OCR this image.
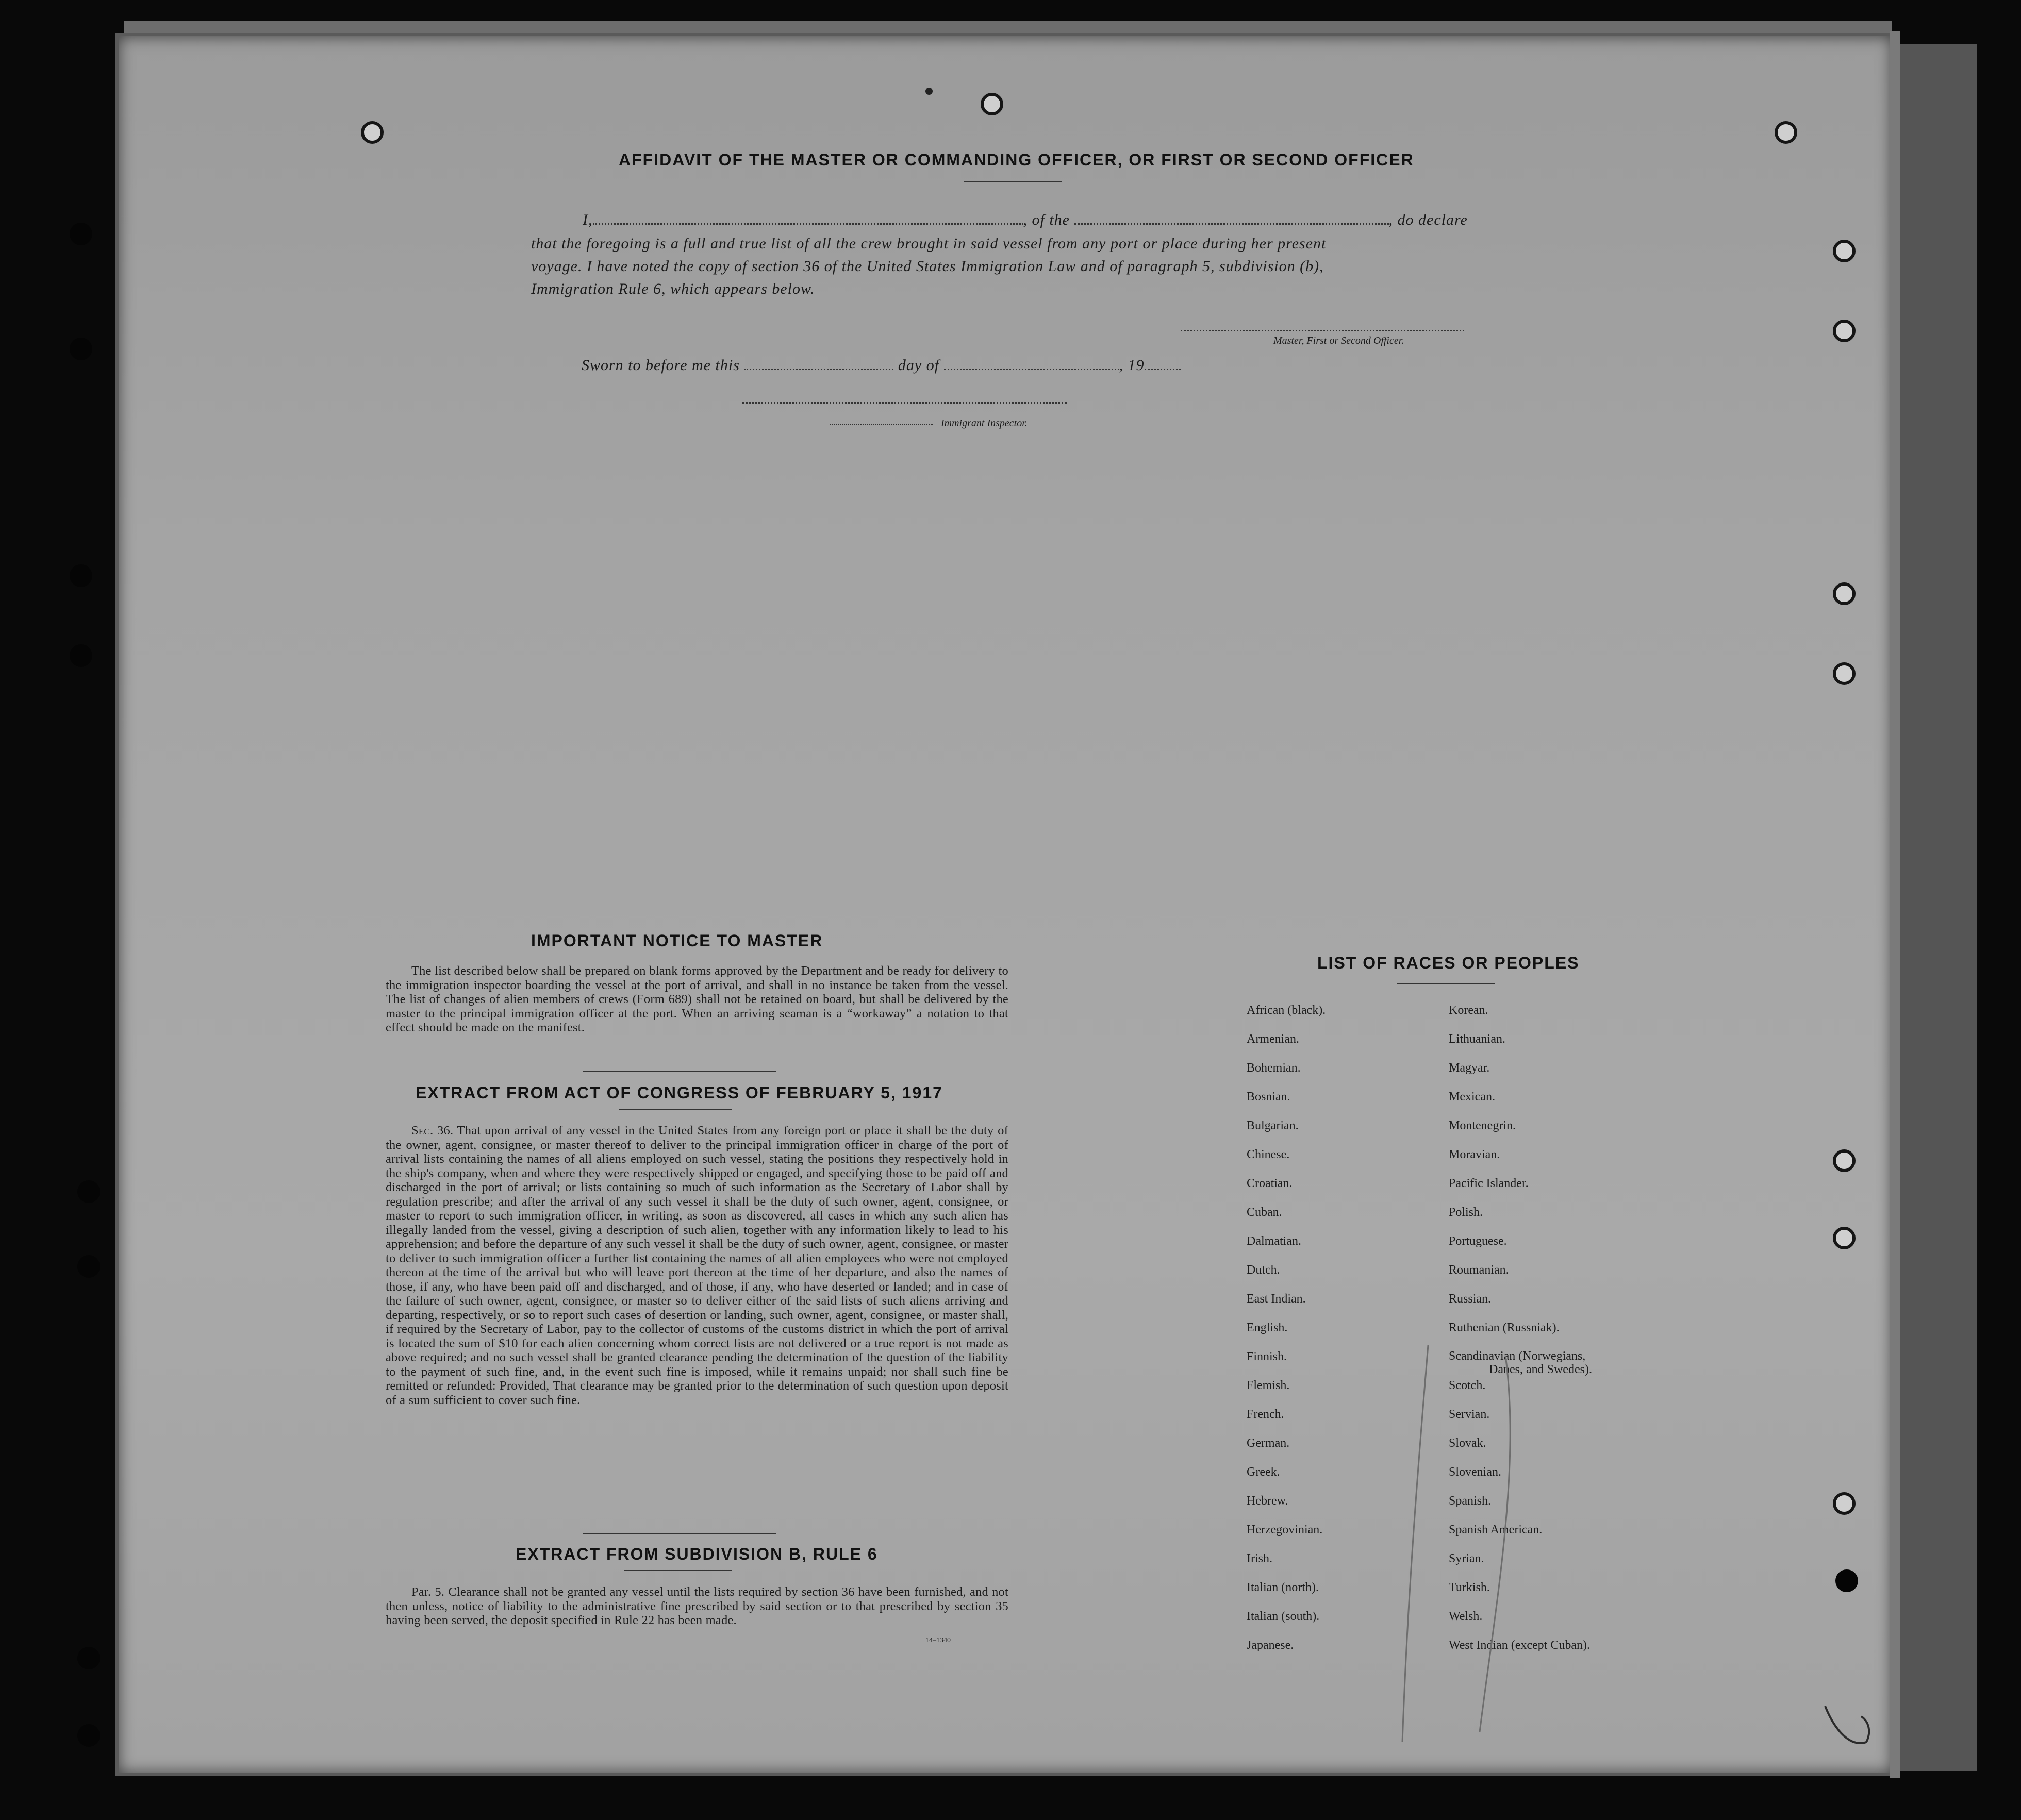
AFFIDAVIT OF THE MASTER OR COMMANDING OFFICER, OR FIRST OR SECOND OFFICER
I,	, of the	, do declare
that the foregoing is a full and true list of all the crew brought in said vessel from any port or place during her present
voyage. I have noted the copy of section 36 of the United States Immigration Law and of paragraph 5, subdivision (b),
Immigration Rule 6, which appears below.
Master, First or Second Officer.
Sworn to before me this	day of	, 19
Immigrant Inspector.
IMPORTANT NOTICE TO MASTER
The list described below shall be prepared on blank forms approved by the Department and be ready for delivery to the immigration inspector boarding the vessel at the port of arrival, and shall in no instance be taken from the vessel. The list of changes of alien members of crews (Form 689) shall not be retained on board, but shall be delivered by the master to the principal immigration officer at the port. When an arriving seaman is a “workaway” a notation to that effect should be made on the manifest.
EXTRACT FROM ACT OF CONGRESS OF FEBRUARY 5, 1917
Sec. 36. That upon arrival of any vessel in the United States from any foreign port or place it shall be the duty of the owner, agent, consignee, or master thereof to deliver to the principal immigration officer in charge of the port of arrival lists containing the names of all aliens employed on such vessel, stating the positions they respectively hold in the ship's company, when and where they were respectively shipped or engaged, and specifying those to be paid off and discharged in the port of arrival; or lists containing so much of such information as the Secretary of Labor shall by regulation prescribe; and after the arrival of any such vessel it shall be the duty of such owner, agent, consignee, or master to report to such immigration officer, in writing, as soon as discovered, all cases in which any such alien has illegally landed from the vessel, giving a description of such alien, together with any information likely to lead to his apprehension; and before the departure of any such vessel it shall be the duty of such owner, agent, consignee, or master to deliver to such immigration officer a further list containing the names of all alien employees who were not employed thereon at the time of the arrival but who will leave port thereon at the time of her departure, and also the names of those, if any, who have been paid off and discharged, and of those, if any, who have deserted or landed; and in case of the failure of such owner, agent, consignee, or master so to deliver either of the said lists of such aliens arriving and departing, respectively, or so to report such cases of desertion or landing, such owner, agent, consignee, or master shall, if required by the Secretary of Labor, pay to the collector of customs of the customs district in which the port of arrival is located the sum of $10 for each alien concerning whom correct lists are not delivered or a true report is not made as above required; and no such vessel shall be granted clearance pending the determination of the question of the liability to the payment of such fine, and, in the event such fine is imposed, while it remains unpaid; nor shall such fine be remitted or refunded: Provided, That clearance may be granted prior to the determination of such question upon deposit of a sum sufficient to cover such fine.
EXTRACT FROM SUBDIVISION B, RULE 6
Par. 5. Clearance shall not be granted any vessel until the lists required by section 36 have been furnished, and not then unless, notice of liability to the administrative fine prescribed by said section or to that prescribed by section 35 having been served, the deposit specified in Rule 22 has been made.
14–1340
LIST OF RACES OR PEOPLES
African (black).
Armenian.
Bohemian.
Bosnian.
Bulgarian.
Chinese.
Croatian.
Cuban.
Dalmatian.
Dutch.
East Indian.
English.
Finnish.
Flemish.
French.
German.
Greek.
Hebrew.
Herzegovinian.
Irish.
Italian (north).
Italian (south).
Japanese.
Korean.
Lithuanian.
Magyar.
Mexican.
Montenegrin.
Moravian.
Pacific Islander.
Polish.
Portuguese.
Roumanian.
Russian.
Ruthenian (Russniak).
Scandinavian (Norwegians,
Danes, and Swedes).
Scotch.
Servian.
Slovak.
Slovenian.
Spanish.
Spanish American.
Syrian.
Turkish.
Welsh.
West Indian (except Cuban).
